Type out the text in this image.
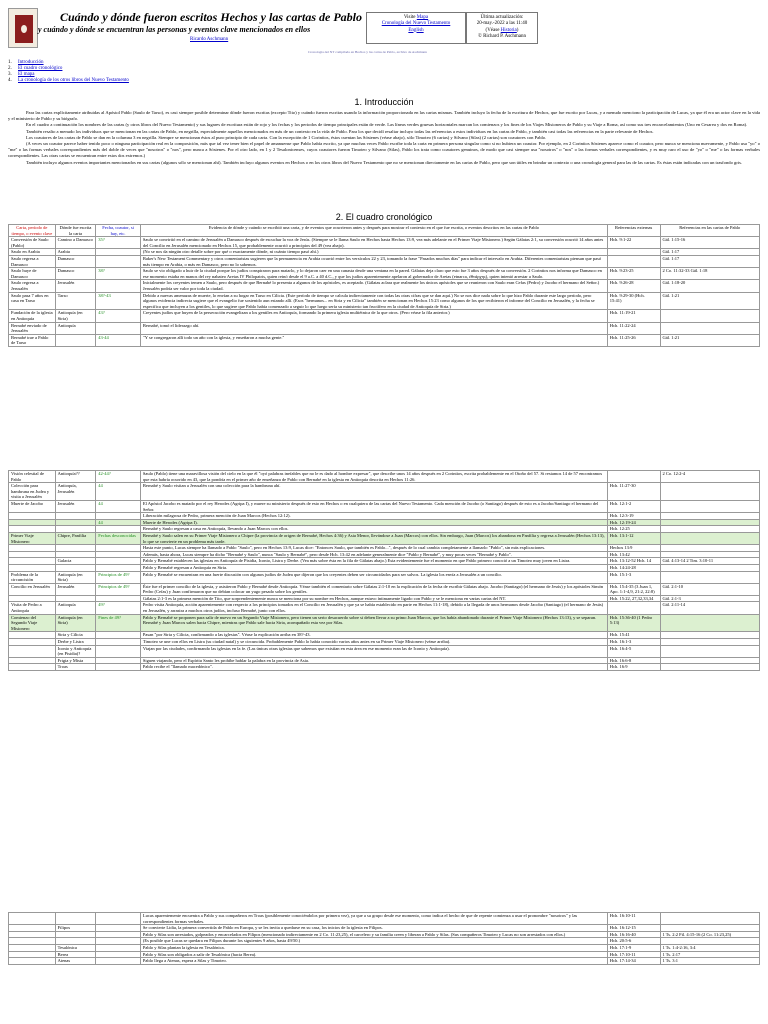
Cuándo y dónde fueron escritos Hechos y las cartas de Pablo
y cuándo y dónde se encuentran las personas y eventos clave mencionados en ellos
Ricardo Aschmann
Visite Mapa
Cronología del Nuevo Testamento
English
Última actualización:
20-may.-2022 a las 11:40
(Véase Historia)
© Richard P. Aschmann
Cronología del NT compilada en Hechos y las cartas de Pablo, archivo de Aschmann
1. Introducción
2. El cuadro cronológico
3. El mapa
4. La cronología de los otros libros del Nuevo Testamento
1. Introducción

Para las cartas explícitamente atribuidas al Apóstol Pablo (Saulo de Tarso), es casi siempre posible determinar dónde fueron escritas (excepto Tito) y cuándo fueron escritas usando la información proporcionada en las cartas mismas. También incluyo la fecha de la escritura de Hechos, que fue escrito por Lucas, y a menudo menciono la participación de Lucas, ya que él era un actor clave en la vida y el ministerio de Pablo y su biógrafo.

En el cuadro a continuación los nombres de las cartas (y otros libros del Nuevo Testamento) y sus lugares de escritura están de rojo y los fechas y los periodos de tiempo principales están de verde. Las líneas verdes gruesas horizontales marcan los comienzos y los fines de los Viajes Misioneros de Pablo y su Viaje a Roma, así como sus tres encarcelamientos (Uno en Cesarea y dos en Roma).

También resalto a menudo los individuos que se mencionan en las cartas de Pablo, en negrilla, especialmente aquellos mencionados en más de un contexto en la vida de Pablo. Para los que decidí resaltar incluyo todas las referencias a estos individuos en las cartas de Pablo, y también casi todas las referencias en la parte relevante de Hechos.

Los coautores de las cartas de Pablo se dan en la columna 3 en negrilla. Siempre se mencionan éstos al puro principio de cada carta. Con la excepción de 1 Corintios, éstos cuentan las Sóstenes (véase abajo), sólo Timoteo (6 cartas) y Silvano (Silas) (2 cartas) son coautores con Pablo.

(A veces un coautor parece haber tenido poco o ninguna participación real en la composición, más que tal vez tener bien el papel de amanuense que Pablo había escrito, ya que muchas veces Pablo escribe toda la carta en primera persona singular como si no hubiera un coautor. Por ejemplo, en 2 Corintios Sóstenes aparece como el coautor, pero nunca se menciona nuevamente, y Pablo usa "yo" o "me" o las formas verbales correspondientes más del doble de veces que "nosotros" o "nos", pero nunca a Sóstenes. Por el otro lado, en 1 y 2 Tesalonicenses, cuyos coautores fueron Timoteo y Silvano (Silas), Pablo los trata como coautores genuinos, de modo que casi siempre usa "nosotros" o "nos" o las formas verbales correspondientes, y es muy raro el uso de "yo" o "me" o las formas verbales correspondientes. Las otras cartas se encuentran entre estos dos extremos.)

También incluyo algunos eventos importantes mencionados en sus cartas (algunos sólo se mencionan ahí). También incluyo algunos eventos en Hechos o en los otros libros del Nuevo Testamento que no se mencionan directamente en las cartas de Pablo, pero que son útiles en brindar un contexto o una cronología general para las de las cartas. Es éstas están indicadas con un trasfondo gris.

2. El cuadro cronológico
Carta, período de tiempo, o evento clave	Dónde fue escrita la carta	Fecha, coautor, si hay, etc.	Evidencia de dónde y cuándo se escribió una carta, y de eventos que ocurrieron antes y después para mostrar el contexto en el que fue escrita, o eventos descritos en las cartas de Pablo	Referencias externas	Referencias en las cartas de Pablo
Conversión de Saulo (Pablo)	Camino a Damasco	35?	Saulo se convirtió en el camino de Jerusalén a Damasco después de escuchar la voz de Jesús. (Siempre se le llama Saulo en Hechos hasta Hechos 13:9, vea más adelante en el Primer Viaje Misionero.) Según Gálatas 2:1, su conversión ocurrió 14 años antes del Concilio en Jerusalén mencionado en Hechos 15, que probablemente ocurrió a principios del 49 (vea abajo).	Hch. 9:1-22	Gál. 1:15-16
Saulo en Arabia	Arabia		(No se nos da ningún otro detalle sobre por qué o exactamente dónde, ni cuánto tiempo pasó ahí.)		Gál. 1:17
Saulo regresa a Damasco	Damasco		Baker's New Testament Commentary y otros comentaristas sugieren que la permanencia en Arabia ocurrió entre los versículos 22 y 23, tomando la frase "Pasados muchos días" para indicar el intervalo en Arabia. Diferentes comentaristas piensan que pasó más tiempo en Arabia, o más en Damasco, pero no lo sabemos.		Gál. 1:17
Saulo huye de Damasco	Damasco	38?	Saulo se vio obligado a huir de la ciudad porque los judíos conspiraron para matarlo, y lo dejaron caer en una canasta desde una ventana en la pared. Gálatas deja claro que esto fue 3 años después de su conversión. 2 Corintios nos informa que Damasco en ese momento estaba en manos del rey nabateo Aretas IV Philopatris, quien reinó desde el 9 a.C. a 40 d.C., y que los judíos aparentemente apelaron al gobernador de Aretas (etnarca, ἐθνάρχης), quien intentó arrestar a Saulo.	Hch. 9:23-25	2 Co. 11:32-33 Gál. 1:18
Saulo regresa a Jerusalén	Jerusalén		Inicialmente los creyentes temen a Saulo, pero después de que Bernabé lo presenta a algunos de los apóstoles, es aceptado. (Gálatas aclara que realmente los únicos apóstoles que se reunieron con Saulo eran Cefas (Pedro) y Jacobo el hermano del Señor.) Jerusalén podría ser valor por toda la ciudad.	Hch. 9:26-28	Gál. 1:18-20
Saulo pasa 7 años en casa en Tarso	Tarso	38?-43	Debido a nuevas amenazas de muerte, lo envían a su hogar en Tarso en Cilicia. (Este período de tiempo se calcula indirectamente con todas las otras cifras que se dan aquí.) No se nos dice nada sobre lo que hizo Pablo durante este largo período, pero algunos evidencia indirecta sugiere que el evangelio fue sostenido aun estando allí. (Esos "hermanos... en Siria y en Cilicia" también se mencionan en Hechos 15:23 como algunos de los que recibieron el informe del Concilio en Jerusalén, y la fecha se especifica que incluyen a los gentiles, lo que sugiere que Pablo había comenzado a seguir lo que luego sería su ministerio tan fructífero en la ciudad de Antioquía de Siria.)	Hch. 9:29-30 (Hch. 15:41)	Gál. 1:21
Fundación de la iglesia en Antioquía	Antioquía (en Siria)	43?	Creyentes judíos que huyen de la persecución evangelizan a los gentiles en Antioquía, formando la primera iglesia multiétnica de la que otros. (Pero véase la fila anterior.)	Hch. 11:19-21	
Bernabé enviado de Jerusalén	Antioquía		Bernabé, tomó el liderazgo ahí.	Hch. 11:22-24	
Bernabé trae a Pablo de Tarso		43-44	"Y se congregaron allí todo un año con la iglesia, y enseñaron a mucha gente."	Hch. 11:25-26	Gál. 1:21
Visión celestial de Pablo	Antioquía??	42-44?	Saulo (Pablo) tiene una maravillosa visión del cielo en la que él "oyó palabras inefables que no le es dado al hombre expresar", que describe unos 14 años después en 2 Corintios, escrita probablemente en el Otoño del 57. Si restamos 14 de 57 encontramos que esta habría ocurrido en 43, que la pondría en el primer año de enseñanza de Pablo con Bernabé en la iglesia en Antioquía descrita en Hechos 11:26.		2 Co. 12:2-4
Colección para hambruna en Judea y visita a Jerusalén	Antioquía, Jerusalén	44	Bernabé y Saulo visitan a Jerusalén con una colección para la hambruna ahí.	Hch. 11:27-30	
Muerte de Jacobo	Jerusalén	44	El Apóstol Jacobo es matado por el rey Herodes (Agripa I), y muere su ministerio después de esto en Hechos o en cualquiera de las cartas del Nuevo Testamento. Cada mención de Jacobo (o Santiago) después de esto es a Jacobo/Santiago el hermano del Señor.	Hch. 12:1-2	
			Liberación milagrosa de Pedro, primera mención de Juan Marcos (Hechos 12:12).	Hch. 12:3-19	
		44	Muerte de Herodes (Agripa I).	Hch. 12:19-24	
			Bernabé y Saulo regresan a casa en Antioquía, llevando a Juan Marcos con ellos.	Hch. 12:25	
Primer Viaje Misionero	Chipre, Panfilia	Fechas desconocidas	Bernabé y Saulo salen en su Primer Viaje Misionero a Chipre (la provincia de origen de Bernabé, Hechos 4:36) y Asia Menor, llevándose a Juan (Marcos) con ellos. Sin embargo, Juan (Marcos) los abandona en Panfilia y regresa a Jerusalén (Hechos 13:13), lo que se convierte en un problema más tarde.	Hch. 13:1-12	
			Hasta este punto, Lucas siempre ha llamado a Pablo "Saulo", pero en Hechos 13:9, Lucas dice: "Entonces Saulo, que también es Pablo...", después de lo cual cambia completamente a llamarlo "Pablo", sin más explicaciones.	Hechos 13:9	
			Además, hasta ahora, Lucas siempre ha dicho "Bernabé y Saulo", nunca "Saulo y Bernabé", pero desde Hch. 13:42 en adelante generalmente dice "Pablo y Bernabé", y muy pocas veces "Bernabé y Pablo".	Hch. 13:42	
	Galacia		Pablo y Bernabé establecen las iglesias en Antioquía de Pisidia, Iconio, Listra y Derbe. (Vea más sobre ésta en la fila de Gálatas abajo.) Esta evidentemente fue el momento en que Pablo primero conoció a un Timoteo muy joven en Listra.	Hch. 13:12-52 Hch. 14	Gál. 4:13-14 2 Tim. 3:10-11
			Pablo y Bernabé regresan a Antioquía en Siria.	Hch. 14:24-28	
Problema de la circuncisión	Antioquía (en Siria)	Principios de 49?	Pablo y Bernabé se encuentran en una fuerte discusión con algunos judíos de Judea que dijeron que los creyentes deben ser circuncidados para ser salvos. La iglesia los envía a Jerusalén a un concilio.	Hch. 15:1-3	
Concilio en Jerusalén	Jerusalén	Principios de 49?	Éste fue el primer concilio de la iglesia, y asistieron Pablo y Bernabé desde Antioquía. Véase también el comentario sobre Gálatas 2:1-10 en la explicación de la fecha de escribir Gálatas abajo. Jacobo (Santiago) (el hermano de Jesús) y los apóstoles Simón Pedro (Cefas) y Juan confirmaron que no debían colocar un yugo pesado sobre los gentiles.	Hch. 15:4-35 (3 Juan 1, Apo. 1:1-4,9, 21:2, 22:8)	Gál. 2:1-10
			Gálatas 2:1-3 es la primera mención de Tito, que sorprendentemente nunca se menciona por su nombre en Hechos, aunque estuvo íntimamente ligado con Pablo y se le menciona en varias cartas del NT.	Hch. 15:22, 27,32,33,34	Gál. 2:1-3
Visita de Pedro a Antioquía	Antioquía	49?	Pedro visita Antioquía, acción aparentemente con respecto a los principios tomados en el Concilio en Jerusalén y que ya se había establecido en parte en Hechos 11:1-18), debido a la llegada de unos hermanos desde Jacobo (Santiago) (el hermano de Jesús) en Jerusalén, y arrastra a muchos otros judíos, incluso Bernabé, junto con ellos.		Gál. 2:11-14
Comienzo del Segundo Viaje Misionero	Antioquía (en Siria)	Fines de 49?	Pablo y Bernabé se proponen para salir de nuevo en un Segundo Viaje Misionero, pero tienen un serio desacuerdo sobre si deben llevar a su primo Juan Marcos, que los había abandonado durante el Primer Viaje Misionero (Hechos 13:13), y se separan. Bernabé y Juan Marcos salen hacia Chipre, mientras que Pablo sale hacia Siria, acompañado esta vez por Silas.	Hch. 15:36-40 (1 Pedro 5:13)	
	Siria y Cilicia		Pasan "por Siria y Cilicia, confirmando a las iglesias". Véase la explicación arriba en 38?-43.	Hch. 15:41	
	Derbe y Listra		Timoteo se une con ellos en Listra (su ciudad natal) y se circuncida. Probablemente Pablo lo había conocido varios años antes en su Primer Viaje Misionero (véase arriba).	Hch. 16:1-3	
	Iconio y Antioquía (en Pisidia)?		Viajan por las ciudades, confirmando las iglesias en la fe. (Las únicas otras iglesias que sabemos que existían en esta área en ese momento eran las de Iconio y Antioquía).	Hch. 16:4-5	
	Frigia y Misia		Siguen viajando, pero el Espíritu Santo les prohíbe hablar la palabra en la provincia de Asia.	Hch. 16:6-8	
	Troas		Pablo recibe el "llamado macedónico".	Hch. 16:9	
			Lucas aparentemente encuentra a Pablo y sus compañeros en Troas (posiblemente conociéndolos por primera vez), ya que a su grupo desde ese momento, como indica el hecho de que de repente comienza a usar el pronombre "nosotros" y las correspondientes formas verbales.	Hch. 16:10-11	
	Filipos		Se convierte Lidia, la primera convertida de Pablo en Europa, y se les invita a quedarse en su casa, los inicios de la iglesia en Filipos.	Hch. 16:12-15	
			Pablo y Silas son arrestados, golpeados y encarcelados en Filipos (mencionado indirectamente en 2 Co. 11:23,25), el carcelero y su familia creen y liberan a Pablo y Silas. (Sus compañeros Timoteo y Lucas no son arrestados con ellos.)	Hch. 16:16-40	1 Ts. 2:2 Fil. 4:15-16 (2 Co. 11:23,25)
			(Es posible que Lucas se quedara en Filipos durante los siguientes 9 años, hasta 49/50.)	Hch. 20:5-6	
	Tesalónica		Pablo y Silas plantan la iglesia en Tesalónica.	Hch. 17:1-9	1 Ts. 1:4-2:16, 3:4
	Berea		Pablo y Silas son obligados a salir de Tesalónica (hacia Berea).	Hch. 17:10-11	1 Ts. 2:17
	Atenas		Pablo llega a Atenas, espera a Silas y Timoteo.	Hch. 17:14-34	1 Ts. 3:1
